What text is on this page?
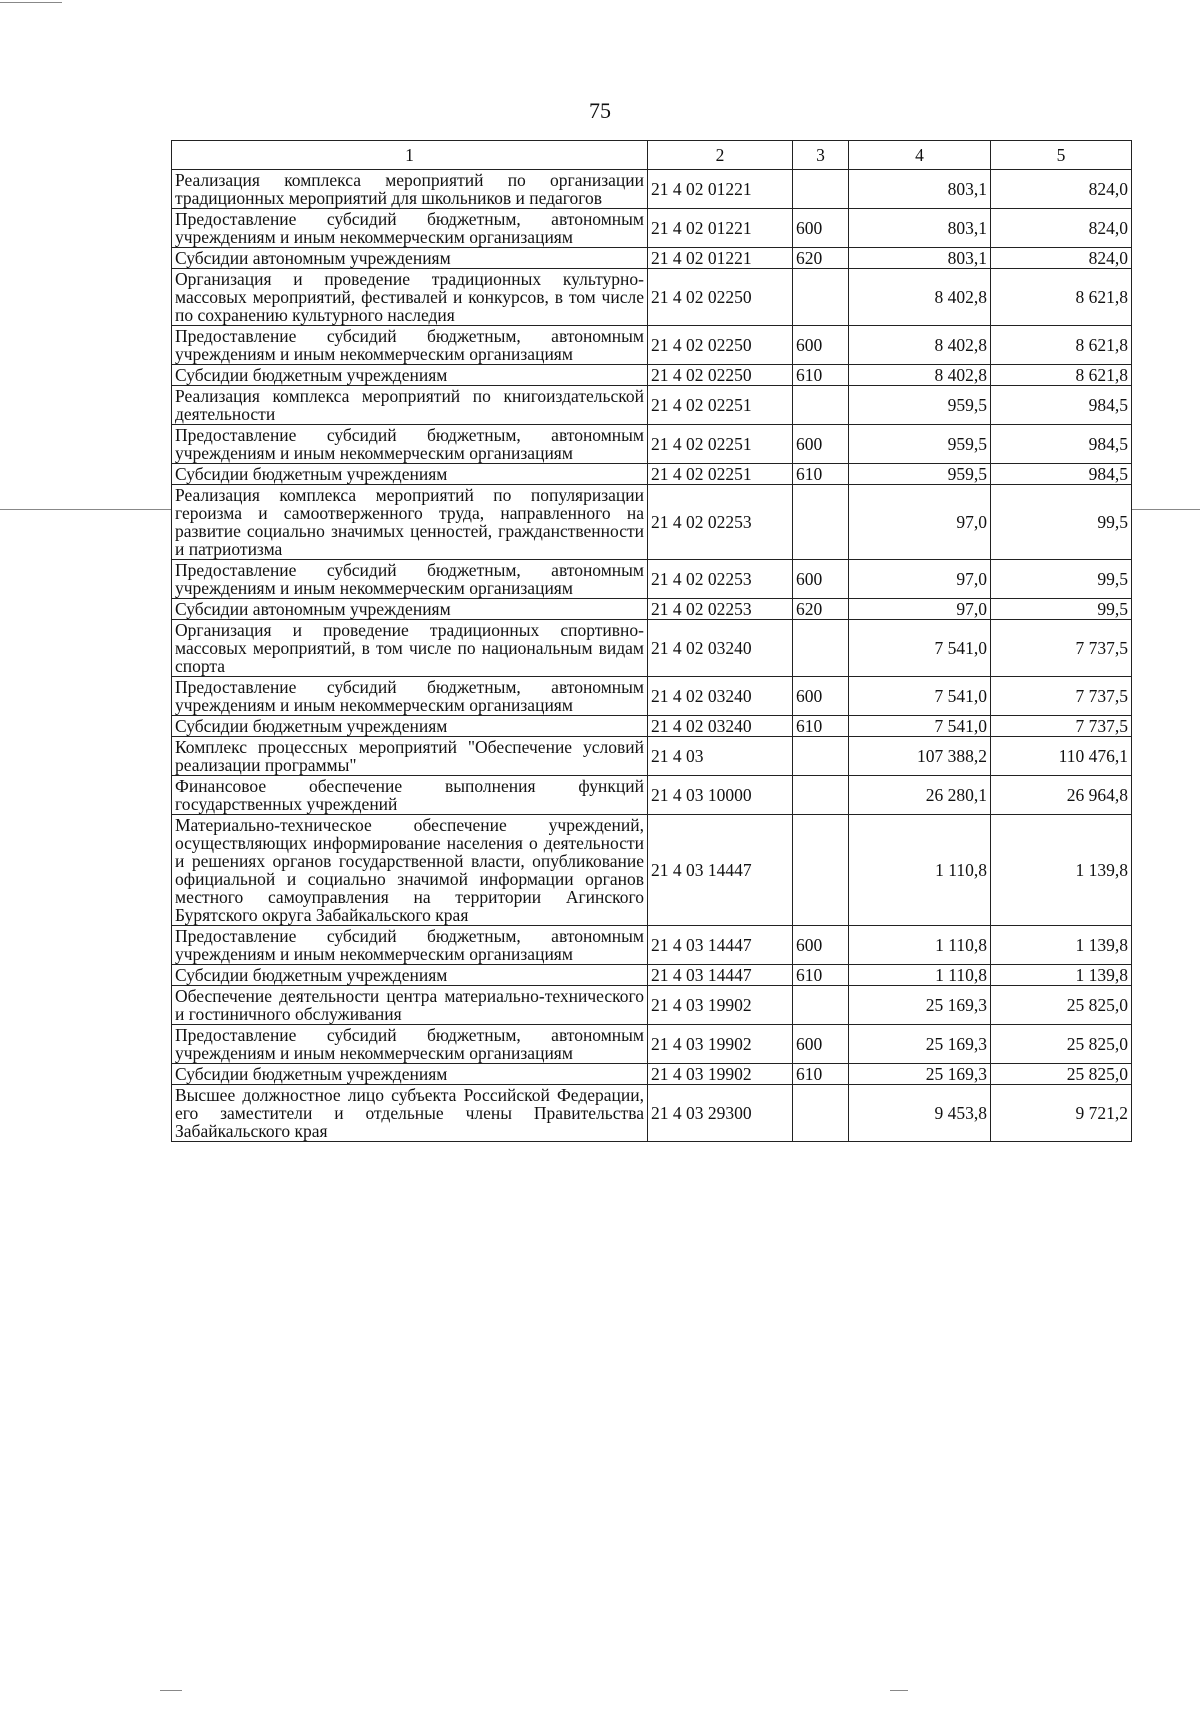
75
1	2	3	4	5
Реализация комплекса мероприятий по организации традиционных мероприятий для школьников и педагогов	21 4 02 01221		803,1	824,0
Предоставление субсидий бюджетным, автономным учреждениям и иным некоммерческим организациям	21 4 02 01221	600	803,1	824,0
Субсидии автономным учреждениям	21 4 02 01221	620	803,1	824,0
Организация и проведение традиционных культурно-массовых мероприятий, фестивалей и конкурсов, в том числе по сохранению культурного наследия	21 4 02 02250		8 402,8	8 621,8
Предоставление субсидий бюджетным, автономным учреждениям и иным некоммерческим организациям	21 4 02 02250	600	8 402,8	8 621,8
Субсидии бюджетным учреждениям	21 4 02 02250	610	8 402,8	8 621,8
Реализация комплекса мероприятий по книгоиздательской деятельности	21 4 02 02251		959,5	984,5
Предоставление субсидий бюджетным, автономным учреждениям и иным некоммерческим организациям	21 4 02 02251	600	959,5	984,5
Субсидии бюджетным учреждениям	21 4 02 02251	610	959,5	984,5
Реализация комплекса мероприятий по популяризации героизма и самоотверженного труда, направленного на развитие социально значимых ценностей, гражданственности и патриотизма	21 4 02 02253		97,0	99,5
Предоставление субсидий бюджетным, автономным учреждениям и иным некоммерческим организациям	21 4 02 02253	600	97,0	99,5
Субсидии автономным учреждениям	21 4 02 02253	620	97,0	99,5
Организация и проведение традиционных спортивно-массовых мероприятий, в том числе по национальным видам спорта	21 4 02 03240		7 541,0	7 737,5
Предоставление субсидий бюджетным, автономным учреждениям и иным некоммерческим организациям	21 4 02 03240	600	7 541,0	7 737,5
Субсидии бюджетным учреждениям	21 4 02 03240	610	7 541,0	7 737,5
Комплекс процессных мероприятий "Обеспечение условий реализации программы"	21 4 03		107 388,2	110 476,1
Финансовое обеспечение выполнения функций государственных учреждений	21 4 03 10000		26 280,1	26 964,8
Материально-техническое обеспечение учреждений, осуществляющих информирование населения о деятельности и решениях органов государственной власти, опубликование официальной и социально значимой информации органов местного самоуправления на территории Агинского Бурятского округа Забайкальского края	21 4 03 14447		1 110,8	1 139,8
Предоставление субсидий бюджетным, автономным учреждениям и иным некоммерческим организациям	21 4 03 14447	600	1 110,8	1 139,8
Субсидии бюджетным учреждениям	21 4 03 14447	610	1 110,8	1 139,8
Обеспечение деятельности центра материально-технического и гостиничного обслуживания	21 4 03 19902		25 169,3	25 825,0
Предоставление субсидий бюджетным, автономным учреждениям и иным некоммерческим организациям	21 4 03 19902	600	25 169,3	25 825,0
Субсидии бюджетным учреждениям	21 4 03 19902	610	25 169,3	25 825,0
Высшее должностное лицо субъекта Российской Федерации, его заместители и отдельные члены Правительства Забайкальского края	21 4 03 29300		9 453,8	9 721,2
